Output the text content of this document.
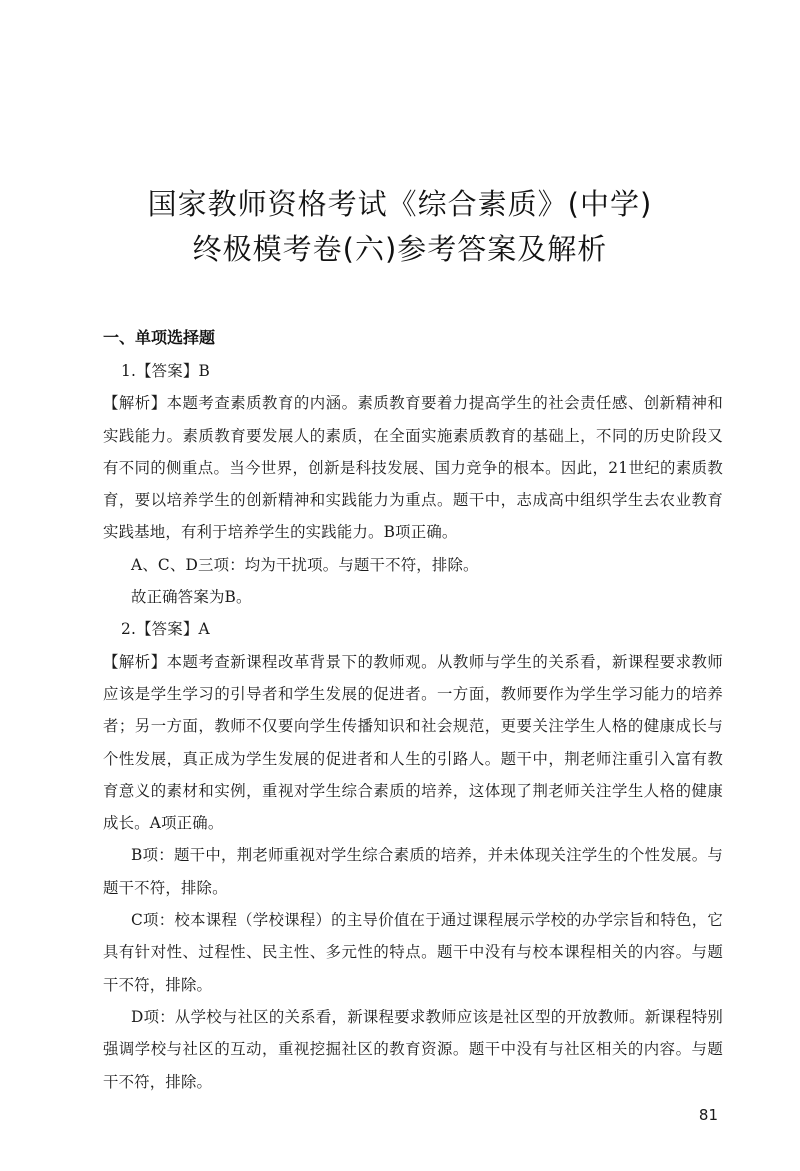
国家教师资格考试《综合素质》(中学)
终极模考卷(六)参考答案及解析
一、单项选择题

1.【答案】B

【解析】本题考查素质教育的内涵。素质教育要着力提高学生的社会责任感、创新精神和实践能力。素质教育要发展人的素质，在全面实施素质教育的基础上，不同的历史阶段又有不同的侧重点。当今世界，创新是科技发展、国力竞争的根本。因此，21世纪的素质教育，要以培养学生的创新精神和实践能力为重点。题干中，志成高中组织学生去农业教育实践基地，有利于培养学生的实践能力。B项正确。

A、C、D三项：均为干扰项。与题干不符，排除。

故正确答案为B。

2.【答案】A

【解析】本题考查新课程改革背景下的教师观。从教师与学生的关系看，新课程要求教师应该是学生学习的引导者和学生发展的促进者。一方面，教师要作为学生学习能力的培养者；另一方面，教师不仅要向学生传播知识和社会规范，更要关注学生人格的健康成长与个性发展，真正成为学生发展的促进者和人生的引路人。题干中，荆老师注重引入富有教育意义的素材和实例，重视对学生综合素质的培养，这体现了荆老师关注学生人格的健康成长。A项正确。

B项：题干中，荆老师重视对学生综合素质的培养，并未体现关注学生的个性发展。与题干不符，排除。

C项：校本课程（学校课程）的主导价值在于通过课程展示学校的办学宗旨和特色，它具有针对性、过程性、民主性、多元性的特点。题干中没有与校本课程相关的内容。与题干不符，排除。

D项：从学校与社区的关系看，新课程要求教师应该是社区型的开放教师。新课程特别强调学校与社区的互动，重视挖掘社区的教育资源。题干中没有与社区相关的内容。与题干不符，排除。

81
